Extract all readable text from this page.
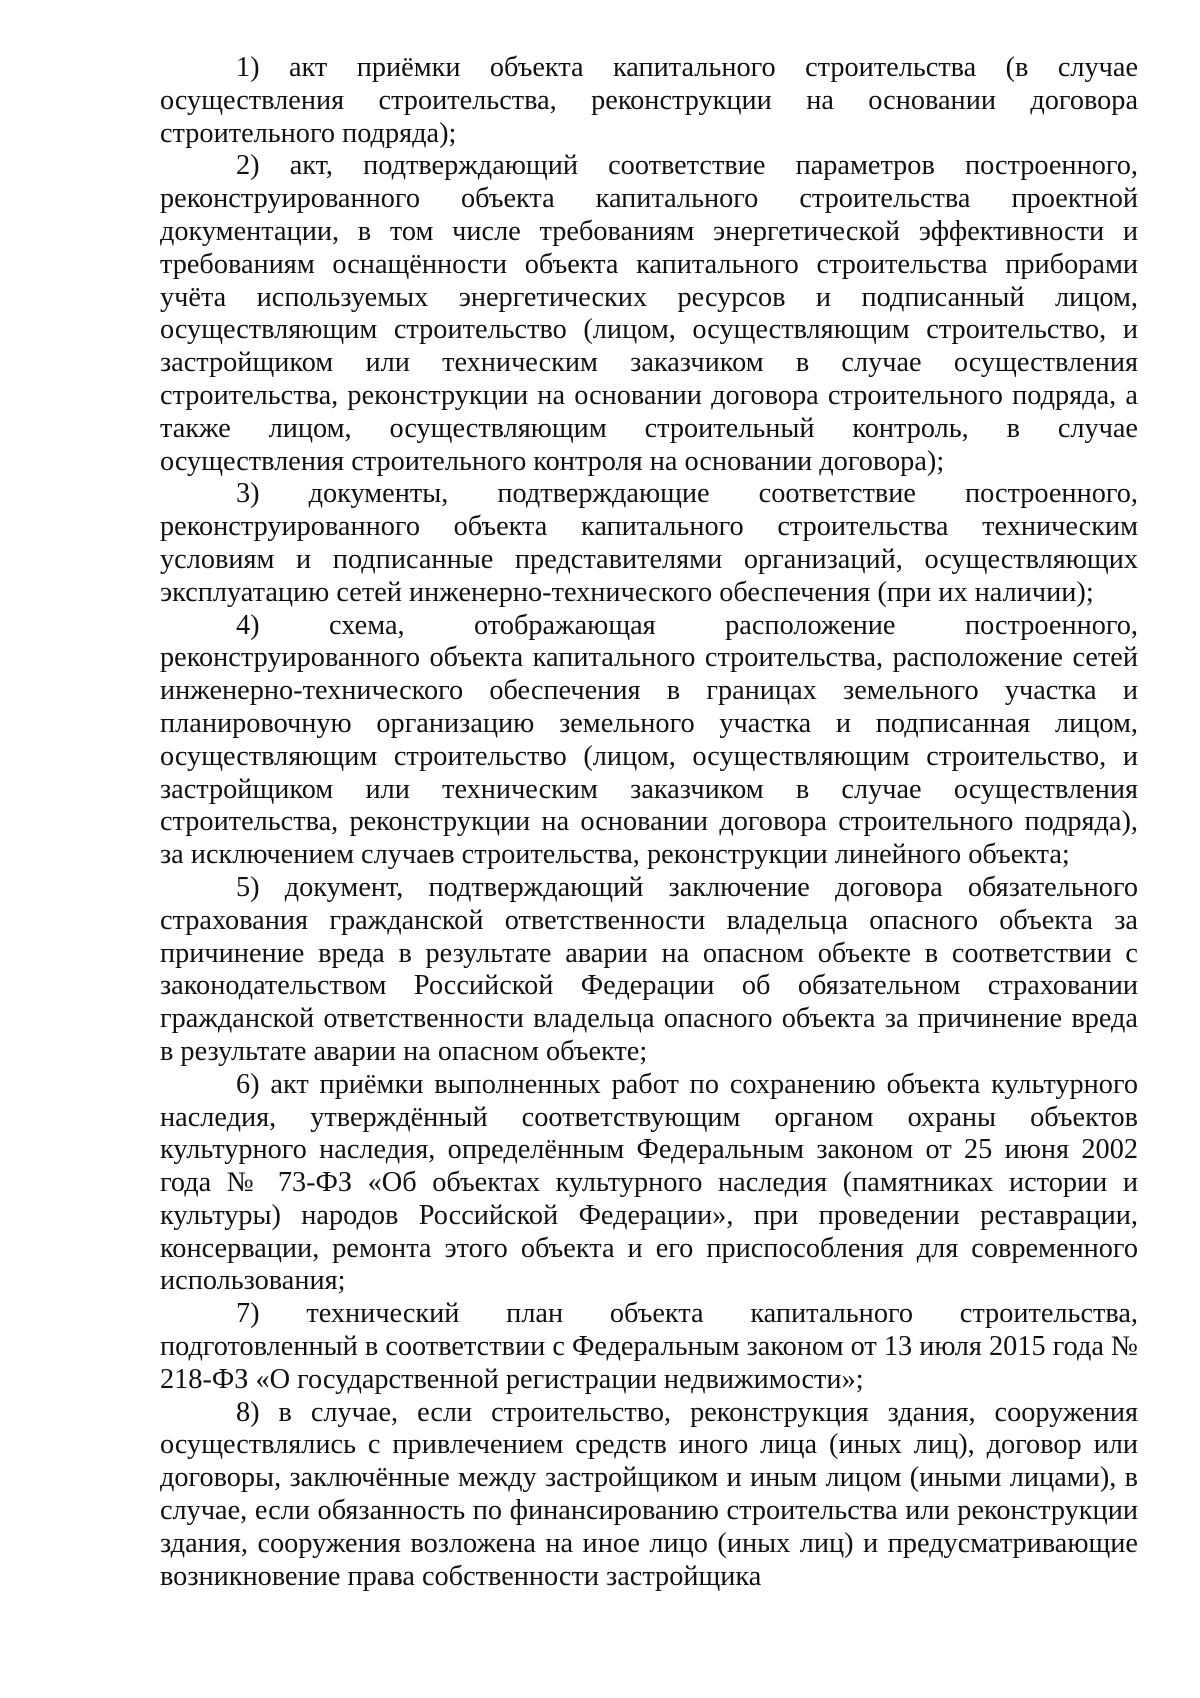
1) акт приёмки объекта капитального строительства (в случае осуществления строительства, реконструкции на основании договора строительного подряда);

2) акт, подтверждающий соответствие параметров построенного, реконструированного объекта капитального строительства проектной документации, в том числе требованиям энергетической эффективности и требованиям оснащённости объекта капитального строительства приборами учёта используемых энергетических ресурсов и подписанный лицом, осуществляющим строительство (лицом, осуществляющим строительство, и застройщиком или техническим заказчиком в случае осуществления строительства, реконструкции на основании договора строительного подряда, а также лицом, осуществляющим строительный контроль, в случае осуществления строительного контроля на основании договора);

3) документы, подтверждающие соответствие построенного, реконструированного объекта капитального строительства техническим условиям и подписанные представителями организаций, осуществляющих эксплуатацию сетей инженерно-технического обеспечения (при их наличии);

4) схема, отображающая расположение построенного, реконструированного объекта капитального строительства, расположение сетей инженерно-технического обеспечения в границах земельного участка и планировочную организацию земельного участка и подписанная лицом, осуществляющим строительство (лицом, осуществляющим строительство, и застройщиком или техническим заказчиком в случае осуществления строительства, реконструкции на основании договора строительного подряда), за исключением случаев строительства, реконструкции линейного объекта;

5) документ, подтверждающий заключение договора обязательного страхования гражданской ответственности владельца опасного объекта за причинение вреда в результате аварии на опасном объекте в соответствии с законодательством Российской Федерации об обязательном страховании гражданской ответственности владельца опасного объекта за причинение вреда в результате аварии на опасном объекте;

6) акт приёмки выполненных работ по сохранению объекта культурного наследия, утверждённый соответствующим органом охраны объектов культурного наследия, определённым Федеральным законом от 25 июня 2002 года № 73-ФЗ «Об объектах культурного наследия (памятниках истории и культуры) народов Российской Федерации», при проведении реставрации, консервации, ремонта этого объекта и его приспособления для современного использования;

7) технический план объекта капитального строительства, подготовленный в соответствии с Федеральным законом от 13 июля 2015 года № 218-ФЗ «О государственной регистрации недвижимости»;

8) в случае, если строительство, реконструкция здания, сооружения осуществлялись с привлечением средств иного лица (иных лиц), договор или договоры, заключённые между застройщиком и иным лицом (иными лицами), в случае, если обязанность по финансированию строительства или реконструкции здания, сооружения возложена на иное лицо (иных лиц) и предусматривающие возникновение права собственности застройщика
